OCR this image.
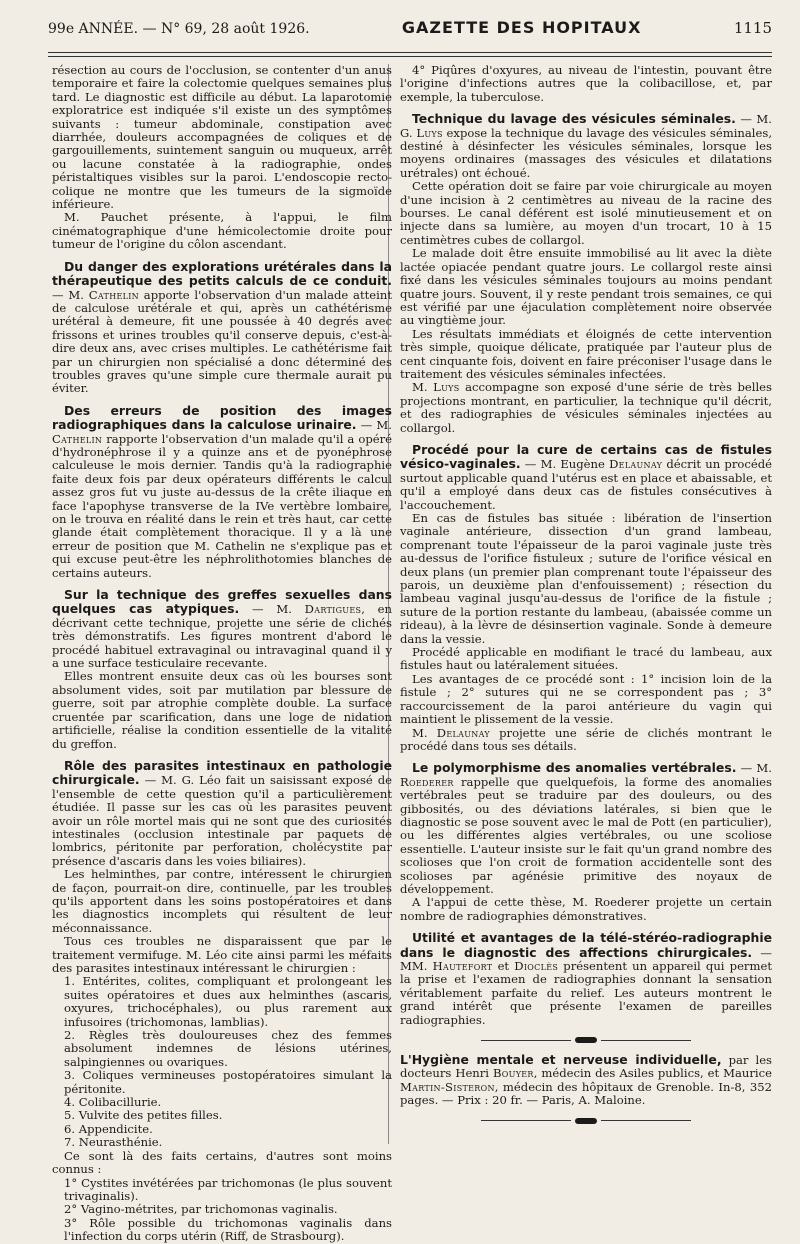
99e ANNÉE. — N° 69, 28 août 1926.	GAZETTE DES HOPITAUX	1115

résection au cours de l'occlusion, se contenter d'un anus temporaire et faire la colectomie quelques semaines plus tard. Le diagnostic est difficile au début. La laparotomie exploratrice est indiquée s'il existe un des symptômes suivants : tumeur abdominale, constipation avec diarrhée, douleurs accompagnées de coliques et de gargouillements, suintement sanguin ou muqueux, arrêt ou lacune constatée à la radiographie, ondes péristaltiques visibles sur la paroi. L'endoscopie recto-colique ne montre que les tumeurs de la sigmoïde inférieure.

M. Pauchet présente, à l'appui, le film cinématographique d'une hémicolectomie droite pour tumeur de l'origine du côlon ascendant.

Du danger des explorations urétérales dans la thérapeutique des petits calculs de ce conduit. — M. Cathelin apporte l'observation d'un malade atteint de calculose urétérale et qui, après un cathétérisme urétéral à demeure, fit une poussée à 40 degrés avec frissons et urines troubles qu'il conserve depuis, c'est-à-dire deux ans, avec crises multiples. Le cathétérisme fait par un chirurgien non spécialisé a donc déterminé des troubles graves qu'une simple cure thermale aurait pu éviter.

Des erreurs de position des images radiographiques dans la calculose urinaire. — M. Cathelin rapporte l'observation d'un malade qu'il a opéré d'hydronéphrose il y a quinze ans et de pyonéphrose calculeuse le mois dernier. Tandis qu'à la radiographie faite deux fois par deux opérateurs différents le calcul assez gros fut vu juste au-dessus de la crête iliaque en face l'apophyse transverse de la IVe vertèbre lombaire, on le trouva en réalité dans le rein et très haut, car cette glande était complètement thoracique. Il y a là une erreur de position que M. Cathelin ne s'explique pas et qui excuse peut-être les néphrolithotomies blanches de certains auteurs.

Sur la technique des greffes sexuelles dans quelques cas atypiques. — M. Dartigues, en décrivant cette technique, projette une série de clichés très démonstratifs. Les figures montrent d'abord le procédé habituel extravaginal ou intravaginal quand il y a une surface testiculaire recevante.

Elles montrent ensuite deux cas où les bourses sont absolument vides, soit par mutilation par blessure de guerre, soit par atrophie complète double. La surface cruentée par scarification, dans une loge de nidation artificielle, réalise la condition essentielle de la vitalité du greffon.

Rôle des parasites intestinaux en pathologie chirurgicale. — M. G. Léo fait un saisissant exposé de l'ensemble de cette question qu'il a particulièrement étudiée. Il passe sur les cas où les parasites peuvent avoir un rôle mortel mais qui ne sont que des curiosités intestinales (occlusion intestinale par paquets de lombrics, péritonite par perforation, cholécystite par présence d'ascaris dans les voies biliaires).

Les helminthes, par contre, intéressent le chirurgien de façon, pourrait-on dire, continuelle, par les troubles qu'ils apportent dans les soins postopératoires et dans les diagnostics incomplets qui résultent de leur méconnaissance.

Tous ces troubles ne disparaissent que par le traitement vermifuge. M. Léo cite ainsi parmi les méfaits des parasites intestinaux intéressant le chirurgien :

1. Entérites, colites, compliquant et prolongeant les suites opératoires et dues aux helminthes (ascaris, oxyures, trichocéphales), ou plus rarement aux infusoires (trichomonas, lamblias).

2. Règles très douloureuses chez des femmes absolument indemnes de lésions utérines, salpingiennes ou ovariques.

3. Coliques vermineuses postopératoires simulant la péritonite.

4. Colibacillurie.

5. Vulvite des petites filles.

6. Appendicite.

7. Neurasthénie.

Ce sont là des faits certains, d'autres sont moins connus :

1° Cystites invétérées par trichomonas (le plus souvent trivaginalis).

2° Vagino-métrites, par trichomonas vaginalis.

3° Rôle possible du trichomonas vaginalis dans l'infection du corps utérin (Riff, de Strasbourg).

4° Piqûres d'oxyures, au niveau de l'intestin, pouvant être l'origine d'infections autres que la colibacillose, et, par exemple, la tuberculose.

Technique du lavage des vésicules séminales. — M. G. Luys expose la technique du lavage des vésicules séminales, destiné à désinfecter les vésicules séminales, lorsque les moyens ordinaires (massages des vésicules et dilatations urétrales) ont échoué.

Cette opération doit se faire par voie chirurgicale au moyen d'une incision à 2 centimètres au niveau de la racine des bourses. Le canal déférent est isolé minutieusement et on injecte dans sa lumière, au moyen d'un trocart, 10 à 15 centimètres cubes de collargol.

Le malade doit être ensuite immobilisé au lit avec la diète lactée opiacée pendant quatre jours. Le collargol reste ainsi fixé dans les vésicules séminales toujours au moins pendant quatre jours. Souvent, il y reste pendant trois semaines, ce qui est vérifié par une éjaculation complètement noire observée au vingtième jour.

Les résultats immédiats et éloignés de cette intervention très simple, quoique délicate, pratiquée par l'auteur plus de cent cinquante fois, doivent en faire préconiser l'usage dans le traitement des vésicules séminales infectées.

M. Luys accompagne son exposé d'une série de très belles projections montrant, en particulier, la technique qu'il décrit, et des radiographies de vésicules séminales injectées au collargol.

Procédé pour la cure de certains cas de fistules vésico-vaginales. — M. Eugène Delaunay décrit un procédé surtout applicable quand l'utérus est en place et abaissable, et qu'il a employé dans deux cas de fistules consécutives à l'accouchement.

En cas de fistules bas située : libération de l'insertion vaginale antérieure, dissection d'un grand lambeau, comprenant toute l'épaisseur de la paroi vaginale juste très au-dessus de l'orifice fistuleux ; suture de l'orifice vésical en deux plans (un premier plan comprenant toute l'épaisseur des parois, un deuxième plan d'enfouissement) ; résection du lambeau vaginal jusqu'au-dessus de l'orifice de la fistule ; suture de la portion restante du lambeau, (abaissée comme un rideau), à la lèvre de désinsertion vaginale. Sonde à demeure dans la vessie.

Procédé applicable en modifiant le tracé du lambeau, aux fistules haut ou latéralement situées.

Les avantages de ce procédé sont : 1° incision loin de la fistule ; 2° sutures qui ne se correspondent pas ; 3° raccourcissement de la paroi antérieure du vagin qui maintient le plissement de la vessie.

M. Delaunay projette une série de clichés montrant le procédé dans tous ses détails.

Le polymorphisme des anomalies vertébrales. — M. Roederer rappelle que quelquefois, la forme des anomalies vertébrales peut se traduire par des douleurs, ou des gibbosités, ou des déviations latérales, si bien que le diagnostic se pose souvent avec le mal de Pott (en particulier), ou les différentes algies vertébrales, ou une scoliose essentielle. L'auteur insiste sur le fait qu'un grand nombre des scolioses que l'on croit de formation accidentelle sont des scolioses par agénésie primitive des noyaux de développement.

A l'appui de cette thèse, M. Roederer projette un certain nombre de radiographies démonstratives.

Utilité et avantages de la télé-stéréo-radiographie dans le diagnostic des affections chirurgicales. — MM. Hautefort et Dioclès présentent un appareil qui permet la prise et l'examen de radiographies donnant la sensation véritablement parfaite du relief. Les auteurs montrent le grand intérêt que présente l'examen de pareilles radiographies.

L'Hygiène mentale et nerveuse individuelle, par les docteurs Henri Bouyer, médecin des Asiles publics, et Maurice Martin-Sisteron, médecin des hôpitaux de Grenoble. In-8, 352 pages. — Prix : 20 fr. — Paris, A. Maloine.
